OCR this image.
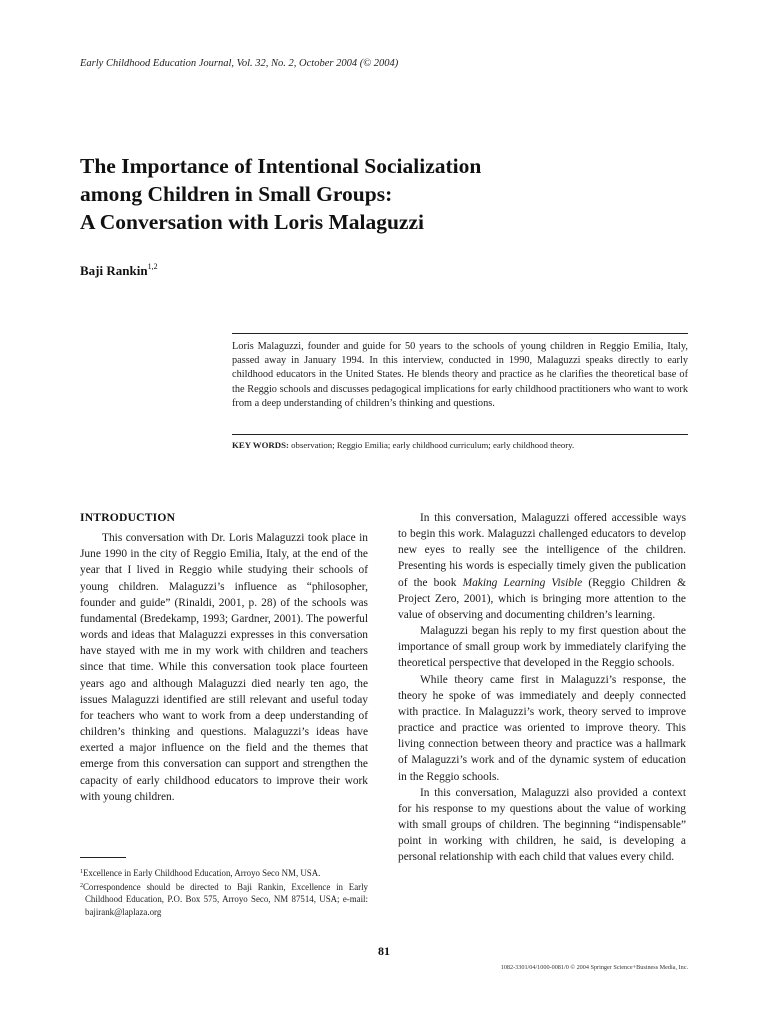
Early Childhood Education Journal, Vol. 32, No. 2, October 2004 (© 2004)
The Importance of Intentional Socialization
among Children in Small Groups:
A Conversation with Loris Malaguzzi
Baji Rankin$^{1,2}$

Loris Malaguzzi, founder and guide for 50 years to the schools of young children in Reggio Emilia, Italy, passed away in January 1994. In this interview, conducted in 1990, Malaguzzi speaks directly to early childhood educators in the United States. He blends theory and practice as he clarifies the theoretical base of the Reggio schools and discusses pedagogical implications for early childhood practitioners who want to work from a deep understanding of children’s thinking and questions.

KEY WORDS: observation; Reggio Emilia; early childhood curriculum; early childhood theory.
INTRODUCTION

This conversation with Dr. Loris Malaguzzi took place in June 1990 in the city of Reggio Emilia, Italy, at the end of the year that I lived in Reggio while studying their schools of young children. Malaguzzi’s influence as “philosopher, founder and guide” (Rinaldi, 2001, p. 28) of the schools was fundamental (Bredekamp, 1993; Gardner, 2001). The powerful words and ideas that Malaguzzi expresses in this conversation have stayed with me in my work with children and teachers since that time. While this conversation took place fourteen years ago and although Malaguzzi died nearly ten ago, the issues Malaguzzi identified are still relevant and useful today for teachers who want to work from a deep understanding of children’s thinking and questions. Malaguzzi’s ideas have exerted a major influence on the field and the themes that emerge from this conversation can support and strengthen the capacity of early childhood educators to improve their work with young children.

In this conversation, Malaguzzi offered accessible ways to begin this work. Malaguzzi challenged educators to develop new eyes to really see the intelligence of the children. Presenting his words is especially timely given the publication of the book Making Learning Visible (Reggio Children & Project Zero, 2001), which is bringing more attention to the value of observing and documenting children’s learning.

Malaguzzi began his reply to my first question about the importance of small group work by immediately clarifying the theoretical perspective that developed in the Reggio schools.

While theory came first in Malaguzzi’s response, the theory he spoke of was immediately and deeply connected with practice. In Malaguzzi’s work, theory served to improve practice and practice was oriented to improve theory. This living connection between theory and practice was a hallmark of Malaguzzi’s work and of the dynamic system of education in the Reggio schools.

In this conversation, Malaguzzi also provided a context for his response to my questions about the value of working with small groups of children. The beginning “indispensable” point in working with children, he said, is developing a personal relationship with each child that values every child.

$^1$Excellence in Early Childhood Education, Arroyo Seco NM, USA.

$^2$Correspondence should be directed to Baji Rankin, Excellence in Early Childhood Education, P.O. Box 575, Arroyo Seco, NM 87514, USA; e-mail: bajirank@laplaza.org

81
1082-3301/04/1000-0081/0 © 2004 Springer Science+Business Media, Inc.
